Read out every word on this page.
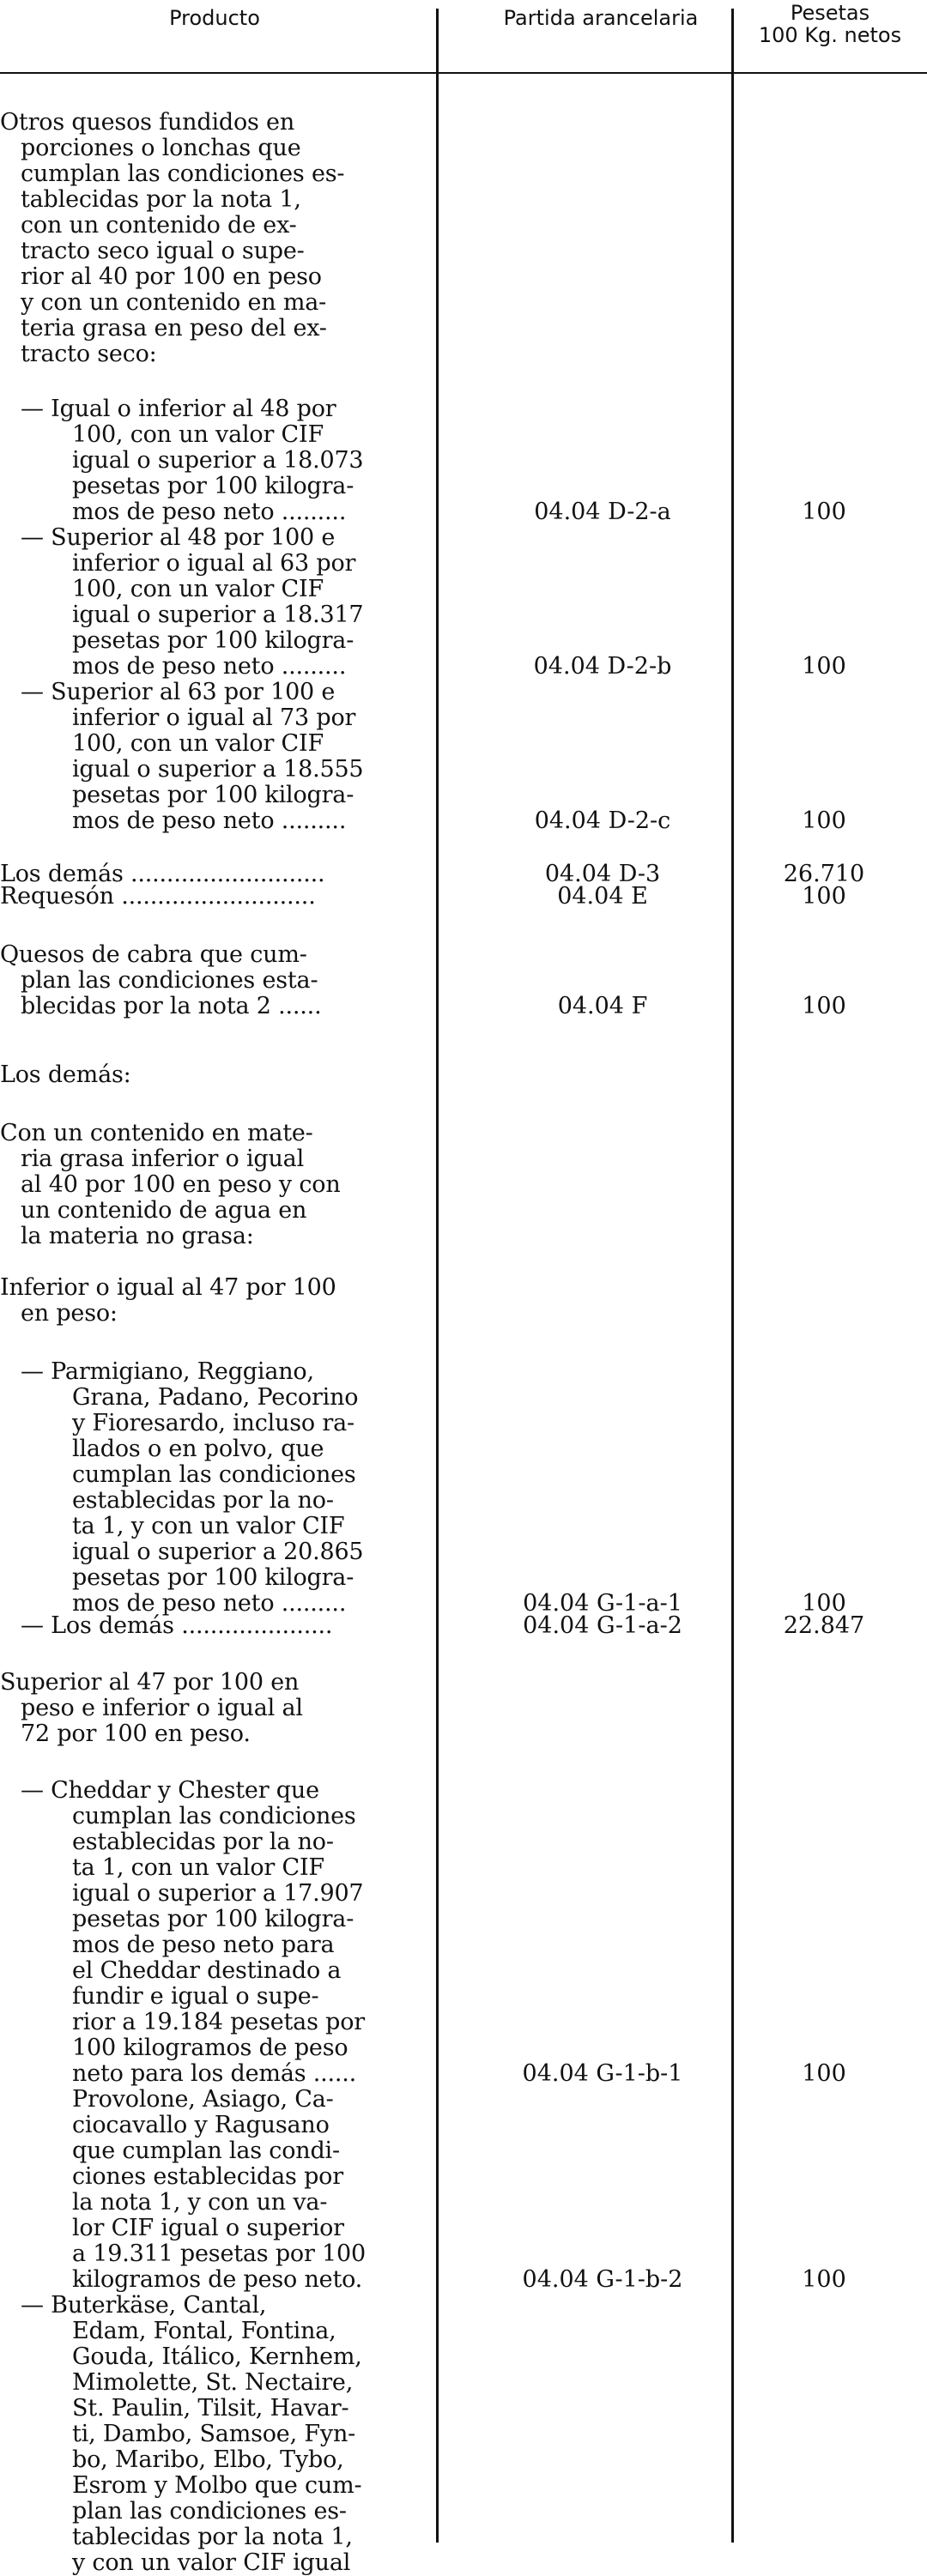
Producto	Partida arancelaria	Pesetas
100 Kg. netos
Otros quesos fundidos en
porciones o lonchas que
cumplan las condiciones es-
tablecidas por la nota 1,
con un contenido de ex-
tracto seco igual o supe-
rior al 40 por 100 en peso
y con un contenido en ma-
teria grasa en peso del ex-
tracto seco:
— Igual o inferior al 48 por
100, con un valor CIF
igual o superior a 18.073
pesetas por 100 kilogra-
mos de peso neto .........	04.04 D-2-a	100
— Superior al 48 por 100 e
inferior o igual al 63 por
100, con un valor CIF
igual o superior a 18.317
pesetas por 100 kilogra-
mos de peso neto .........	04.04 D-2-b	100
— Superior al 63 por 100 e
inferior o igual al 73 por
100, con un valor CIF
igual o superior a 18.555
pesetas por 100 kilogra-
mos de peso neto .........	04.04 D-2-c	100
Los demás ...........................	04.04 D-3	26.710
Requesón ...........................	04.04 E	100
Quesos de cabra que cum-
plan las condiciones esta-
blecidas por la nota 2 ......	04.04 F	100
Los demás:
Con un contenido en mate-
ria grasa inferior o igual
al 40 por 100 en peso y con
un contenido de agua en
la materia no grasa:
Inferior o igual al 47 por 100
en peso:
— Parmigiano, Reggiano,
Grana, Padano, Pecorino
y Fioresardo, incluso ra-
llados o en polvo, que
cumplan las condiciones
establecidas por la no-
ta 1, y con un valor CIF
igual o superior a 20.865
pesetas por 100 kilogra-
mos de peso neto .........	04.04 G-1-a-1	100
— Los demás .....................	04.04 G-1-a-2	22.847
Superior al 47 por 100 en
peso e inferior o igual al
72 por 100 en peso.
— Cheddar y Chester que
cumplan las condiciones
establecidas por la no-
ta 1, con un valor CIF
igual o superior a 17.907
pesetas por 100 kilogra-
mos de peso neto para
el Cheddar destinado a
fundir e igual o supe-
rior a 19.184 pesetas por
100 kilogramos de peso
neto para los demás ......	04.04 G-1-b-1	100
Provolone, Asiago, Ca-
ciocavallo y Ragusano
que cumplan las condi-
ciones establecidas por
la nota 1, y con un va-
lor CIF igual o superior
a 19.311 pesetas por 100
kilogramos de peso neto.	04.04 G-1-b-2	100
— Buterkäse, Cantal,
Edam, Fontal, Fontina,
Gouda, Itálico, Kernhem,
Mimolette, St. Nectaire,
St. Paulin, Tilsit, Havar-
ti, Dambo, Samsoe, Fyn-
bo, Maribo, Elbo, Tybo,
Esrom y Molbo que cum-
plan las condiciones es-
tablecidas por la nota 1,
y con un valor CIF igual
